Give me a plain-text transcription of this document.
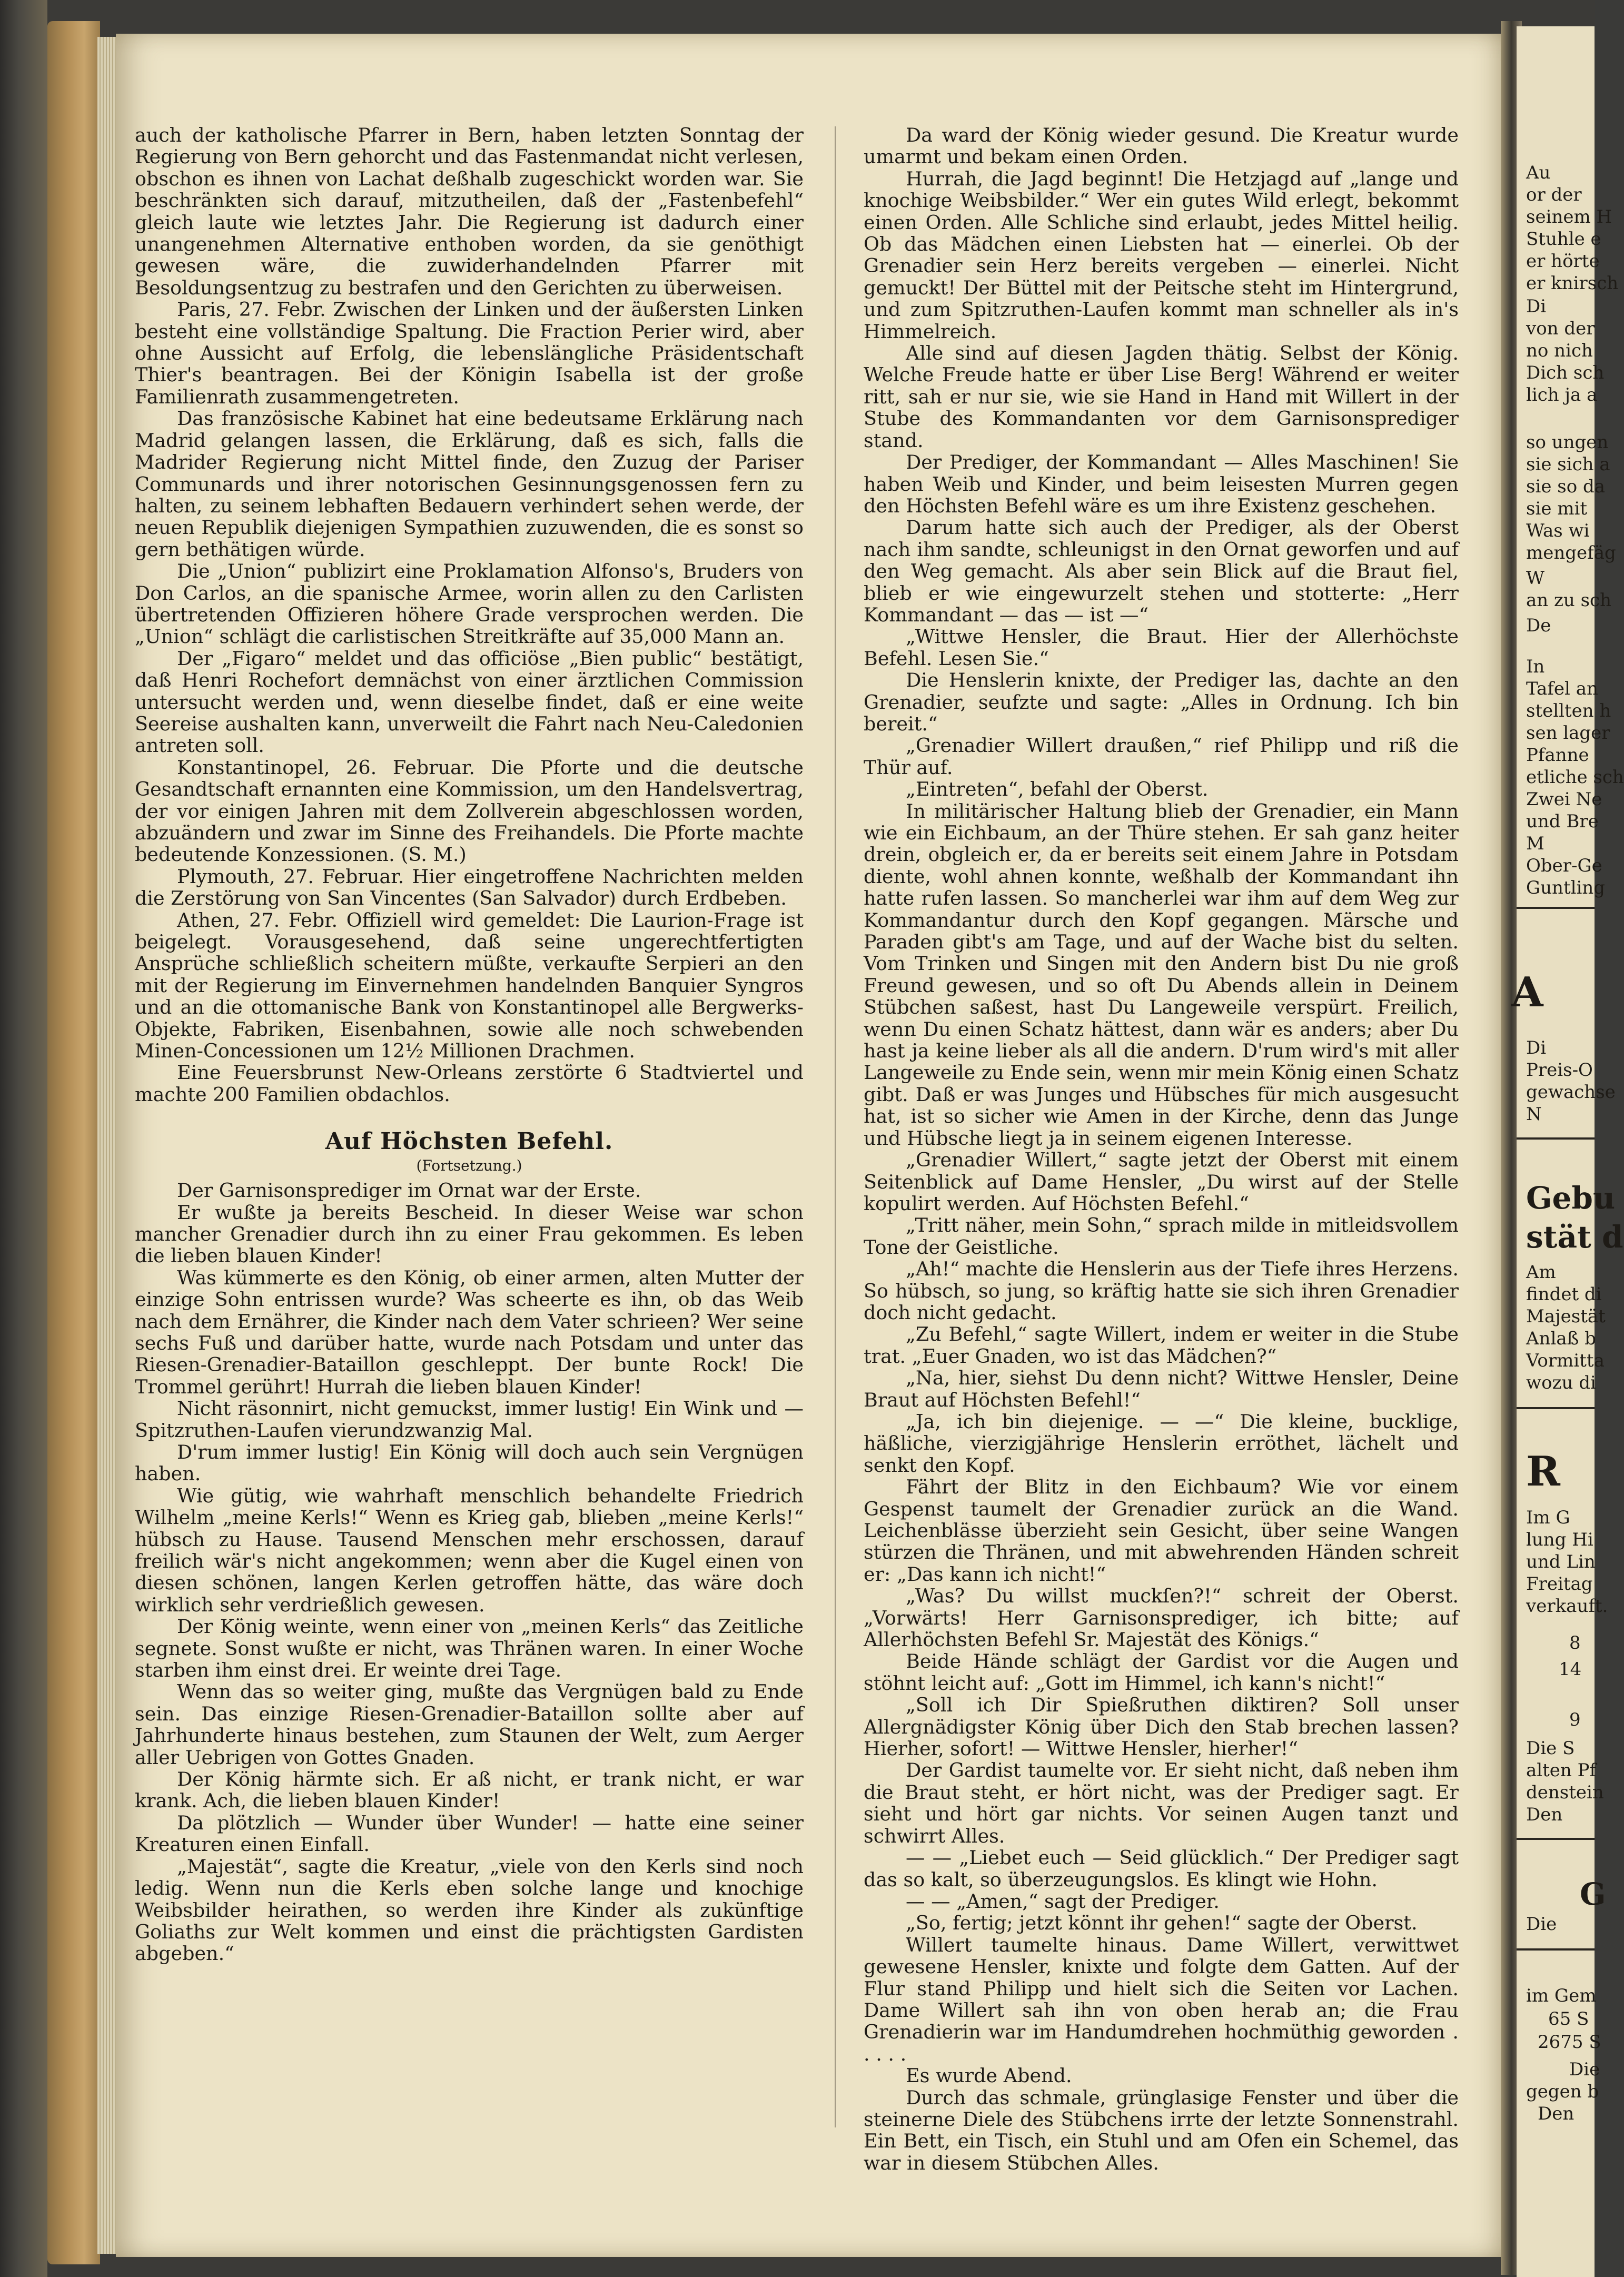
auch der katholische Pfarrer in Bern, haben letzten Sonntag der Regierung von Bern gehorcht und das Fastenmandat nicht verlesen, obschon es ihnen von Lachat deßhalb zugeschickt worden war. Sie beschränkten sich darauf, mitzutheilen, daß der „Fastenbefehl“ gleich laute wie letztes Jahr. Die Regierung ist dadurch einer unangenehmen Alternative enthoben worden, da sie genöthigt gewesen wäre, die zuwiderhandelnden Pfarrer mit Besoldungsentzug zu bestrafen und den Gerichten zu überweisen.

Paris, 27. Febr. Zwischen der Linken und der äußersten Linken besteht eine vollständige Spaltung. Die Fraction Perier wird, aber ohne Aussicht auf Erfolg, die lebenslängliche Präsidentschaft Thier's beantragen. Bei der Königin Isabella ist der große Familienrath zusammengetreten.

Das französische Kabinet hat eine bedeutsame Erklärung nach Madrid gelangen lassen, die Erklärung, daß es sich, falls die Madrider Regierung nicht Mittel finde, den Zuzug der Pariser Communards und ihrer notorischen Gesinnungsgenossen fern zu halten, zu seinem lebhaften Bedauern verhindert sehen werde, der neuen Republik diejenigen Sympathien zuzuwenden, die es sonst so gern bethätigen würde.

Die „Union“ publizirt eine Proklamation Alfonso's, Bruders von Don Carlos, an die spanische Armee, worin allen zu den Carlisten übertretenden Offizieren höhere Grade versprochen werden. Die „Union“ schlägt die carlistischen Streitkräfte auf 35,000 Mann an.

Der „Figaro“ meldet und das officiöse „Bien public“ bestätigt, daß Henri Rochefort demnächst von einer ärztlichen Commission untersucht werden und, wenn dieselbe findet, daß er eine weite Seereise aushalten kann, unverweilt die Fahrt nach Neu-Caledonien antreten soll.

Konstantinopel, 26. Februar. Die Pforte und die deutsche Gesandtschaft ernannten eine Kommission, um den Handelsvertrag, der vor einigen Jahren mit dem Zollverein abgeschlossen worden, abzuändern und zwar im Sinne des Freihandels. Die Pforte machte bedeutende Konzessionen. (S. M.)

Plymouth, 27. Februar. Hier eingetroffene Nachrichten melden die Zerstörung von San Vincentes (San Salvador) durch Erdbeben.

Athen, 27. Febr. Offiziell wird gemeldet: Die Laurion-Frage ist beigelegt. Vorausgesehend, daß seine ungerechtfertigten Ansprüche schließlich scheitern müßte, verkaufte Serpieri an den mit der Regierung im Einvernehmen handelnden Banquier Syngros und an die ottomanische Bank von Konstantinopel alle Bergwerks-Objekte, Fabriken, Eisenbahnen, sowie alle noch schwebenden Minen-Concessionen um 12½ Millionen Drachmen.

Eine Feuersbrunst New-Orleans zerstörte 6 Stadtviertel und machte 200 Familien obdachlos.

Auf Höchsten Befehl.

(Fortsetzung.)

Der Garnisonsprediger im Ornat war der Erste.

Er wußte ja bereits Bescheid. In dieser Weise war schon mancher Grenadier durch ihn zu einer Frau gekommen. Es leben die lieben blauen Kinder!

Was kümmerte es den König, ob einer armen, alten Mutter der einzige Sohn entrissen wurde? Was scheerte es ihn, ob das Weib nach dem Ernährer, die Kinder nach dem Vater schrieen? Wer seine sechs Fuß und darüber hatte, wurde nach Potsdam und unter das Riesen-Grenadier-Bataillon geschleppt. Der bunte Rock! Die Trommel gerührt! Hurrah die lieben blauen Kinder!

Nicht räsonnirt, nicht gemuckst, immer lustig! Ein Wink und — Spitzruthen-Laufen vierundzwanzig Mal.

D'rum immer lustig! Ein König will doch auch sein Vergnügen haben.

Wie gütig, wie wahrhaft menschlich behandelte Friedrich Wilhelm „meine Kerls!“ Wenn es Krieg gab, blieben „meine Kerls!“ hübsch zu Hause. Tausend Menschen mehr erschossen, darauf freilich wär's nicht angekommen; wenn aber die Kugel einen von diesen schönen, langen Kerlen getroffen hätte, das wäre doch wirklich sehr verdrießlich gewesen.

Der König weinte, wenn einer von „meinen Kerls“ das Zeitliche segnete. Sonst wußte er nicht, was Thränen waren. In einer Woche starben ihm einst drei. Er weinte drei Tage.

Wenn das so weiter ging, mußte das Vergnügen bald zu Ende sein. Das einzige Riesen-Grenadier-Bataillon sollte aber auf Jahrhunderte hinaus bestehen, zum Staunen der Welt, zum Aerger aller Uebrigen von Gottes Gnaden.

Der König härmte sich. Er aß nicht, er trank nicht, er war krank. Ach, die lieben blauen Kinder!

Da plötzlich — Wunder über Wunder! — hatte eine seiner Kreaturen einen Einfall.

„Majestät“, sagte die Kreatur, „viele von den Kerls sind noch ledig. Wenn nun die Kerls eben solche lange und knochige Weibsbilder heirathen, so werden ihre Kinder als zukünftige Goliaths zur Welt kommen und einst die prächtigsten Gardisten abgeben.“

Da ward der König wieder gesund. Die Kreatur wurde umarmt und bekam einen Orden.

Hurrah, die Jagd beginnt! Die Hetzjagd auf „lange und knochige Weibsbilder.“ Wer ein gutes Wild erlegt, bekommt einen Orden. Alle Schliche sind erlaubt, jedes Mittel heilig. Ob das Mädchen einen Liebsten hat — einerlei. Ob der Grenadier sein Herz bereits vergeben — einerlei. Nicht gemuckt! Der Büttel mit der Peitsche steht im Hintergrund, und zum Spitzruthen-Laufen kommt man schneller als in's Himmelreich.

Alle sind auf diesen Jagden thätig. Selbst der König. Welche Freude hatte er über Lise Berg! Während er weiter ritt, sah er nur sie, wie sie Hand in Hand mit Willert in der Stube des Kommandanten vor dem Garnisonsprediger stand.

Der Prediger, der Kommandant — Alles Maschinen! Sie haben Weib und Kinder, und beim leisesten Murren gegen den Höchsten Befehl wäre es um ihre Existenz geschehen.

Darum hatte sich auch der Prediger, als der Oberst nach ihm sandte, schleunigst in den Ornat geworfen und auf den Weg gemacht. Als aber sein Blick auf die Braut fiel, blieb er wie eingewurzelt stehen und stotterte: „Herr Kommandant — das — ist —“

„Wittwe Hensler, die Braut. Hier der Allerhöchste Befehl. Lesen Sie.“

Die Henslerin knixte, der Prediger las, dachte an den Grenadier, seufzte und sagte: „Alles in Ordnung. Ich bin bereit.“

„Grenadier Willert draußen,“ rief Philipp und riß die Thür auf.

„Eintreten“, befahl der Oberst.

In militärischer Haltung blieb der Grenadier, ein Mann wie ein Eichbaum, an der Thüre stehen. Er sah ganz heiter drein, obgleich er, da er bereits seit einem Jahre in Potsdam diente, wohl ahnen konnte, weßhalb der Kommandant ihn hatte rufen lassen. So mancherlei war ihm auf dem Weg zur Kommandantur durch den Kopf gegangen. Märsche und Paraden gibt's am Tage, und auf der Wache bist du selten. Vom Trinken und Singen mit den Andern bist Du nie groß Freund gewesen, und so oft Du Abends allein in Deinem Stübchen saßest, hast Du Langeweile verspürt. Freilich, wenn Du einen Schatz hättest, dann wär es anders; aber Du hast ja keine lieber als all die andern. D'rum wird's mit aller Langeweile zu Ende sein, wenn mir mein König einen Schatz gibt. Daß er was Junges und Hübsches für mich ausgesucht hat, ist so sicher wie Amen in der Kirche, denn das Junge und Hübsche liegt ja in seinem eigenen Interesse.

„Grenadier Willert,“ sagte jetzt der Oberst mit einem Seitenblick auf Dame Hensler, „Du wirst auf der Stelle kopulirt werden. Auf Höchsten Befehl.“

„Tritt näher, mein Sohn,“ sprach milde in mitleidsvollem Tone der Geistliche.

„Ah!“ machte die Henslerin aus der Tiefe ihres Herzens. So hübsch, so jung, so kräftig hatte sie sich ihren Grenadier doch nicht gedacht.

„Zu Befehl,“ sagte Willert, indem er weiter in die Stube trat. „Euer Gnaden, wo ist das Mädchen?“

„Na, hier, siehst Du denn nicht? Wittwe Hensler, Deine Braut auf Höchsten Befehl!“

„Ja, ich bin diejenige. — —“ Die kleine, bucklige, häßliche, vierzigjährige Henslerin erröthet, lächelt und senkt den Kopf.

Fährt der Blitz in den Eichbaum? Wie vor einem Gespenst taumelt der Grenadier zurück an die Wand. Leichenblässe überzieht sein Gesicht, über seine Wangen stürzen die Thränen, und mit abwehrenden Händen schreit er: „Das kann ich nicht!“

„Was? Du willst muckſen?!“ schreit der Oberst. „Vorwärts! Herr Garnisonsprediger, ich bitte; auf Allerhöchsten Befehl Sr. Majestät des Königs.“

Beide Hände schlägt der Gardist vor die Augen und stöhnt leicht auf: „Gott im Himmel, ich kann's nicht!“

„Soll ich Dir Spießruthen diktiren? Soll unser Allergnädigster König über Dich den Stab brechen lassen? Hierher, sofort! — Wittwe Hensler, hierher!“

Der Gardist taumelte vor. Er sieht nicht, daß neben ihm die Braut steht, er hört nicht, was der Prediger sagt. Er sieht und hört gar nichts. Vor seinen Augen tanzt und schwirrt Alles.

— — „Liebet euch — Seid glücklich.“ Der Prediger sagt das so kalt, so überzeugungslos. Es klingt wie Hohn.

— — „Amen,“ sagt der Prediger.

„So, fertig; jetzt könnt ihr gehen!“ sagte der Oberst.

Willert taumelte hinaus. Dame Willert, verwittwet gewesene Hensler, knixte und folgte dem Gatten. Auf der Flur stand Philipp und hielt sich die Seiten vor Lachen. Dame Willert sah ihn von oben herab an; die Frau Grenadierin war im Handumdrehen hochmüthig geworden . . . . .

Es wurde Abend.

Durch das schmale, grünglasige Fenster und über die steinerne Diele des Stübchens irrte der letzte Sonnenstrahl. Ein Bett, ein Tisch, ein Stuhl und am Ofen ein Schemel, das war in diesem Stübchen Alles.

Au
or der
seinem H
Stuhle e
er hörte
er knirsch
Di
von der
no nich
Dich sch
lich ja a
so ungen
sie sich a
sie so da
sie mit
Was wi
mengefäg
W
an zu sch
De
In
Tafel an
stellten h
sen lager
Pfanne
etliche sch
Zwei Ne
und Bre
M
Ober-Ge
Guntling
A
Di
Preis-O
gewachse
N
Gebu
stät d
Am
findet di
Majestät
Anlaß b
Vormitta
wozu di
R
Im G
lung Hi
und Lin
Freitag
verkauft.
8
14
9
Die S
alten Pf
denstein
Den
G
Die
im Gem
65 S
2675 S
Die
gegen b
Den
